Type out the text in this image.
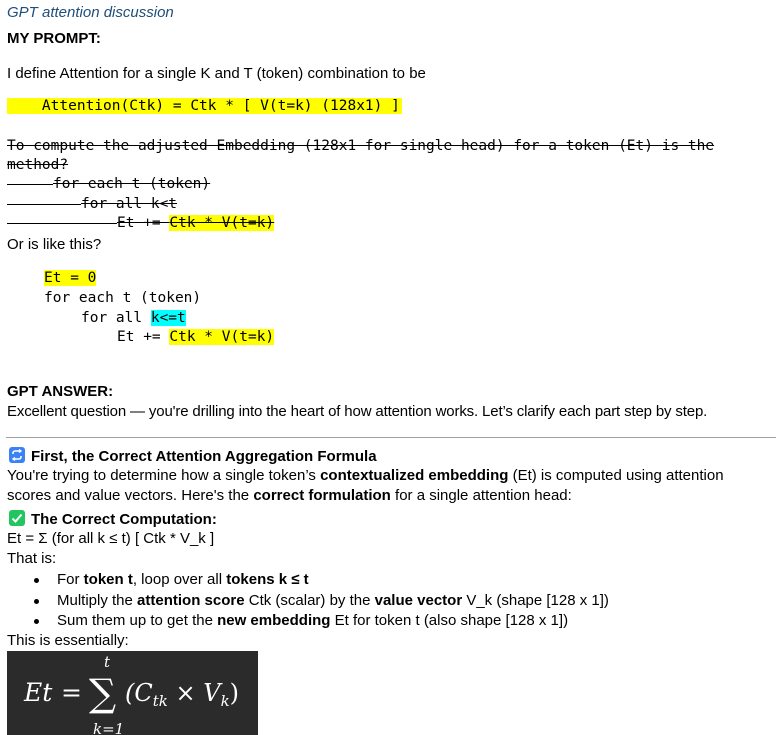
GPT attention discussion
MY PROMPT:
I define Attention for a single K and T (token) combination to be
Attention(Ctk) = Ctk * [ V(t=k) (128x1) ]
To compute the adjusted Embedding (128x1 for single head) for a token (Et) is the
method?
for each t (token)
for all k<t
Et += Ctk * V(t=k)
Or is like this?
Et = 0
for each t (token)
for all k<=t
Et += Ctk * V(t=k)
GPT ANSWER:
Excellent question — you're drilling into the heart of how attention works. Let’s clarify each part step by step.
First, the Correct Attention Aggregation Formula
You're trying to determine how a single token’s contextualized embedding (Et) is computed using attention
scores and value vectors. Here's the correct formulation for a single attention head:
The Correct Computation:
Et = Σ (for all k ≤ t) [ Ctk * V_k ]
That is:
For token t, loop over all tokens k ≤ t
Multiply the attention score Ctk (scalar) by the value vector V_k (shape [128 x 1])
Sum them up to get the new embedding Et for token t (also shape [128 x 1])
This is essentially:
Et =
t
∑
k=1
$(C_{tk} \times V_k)$
